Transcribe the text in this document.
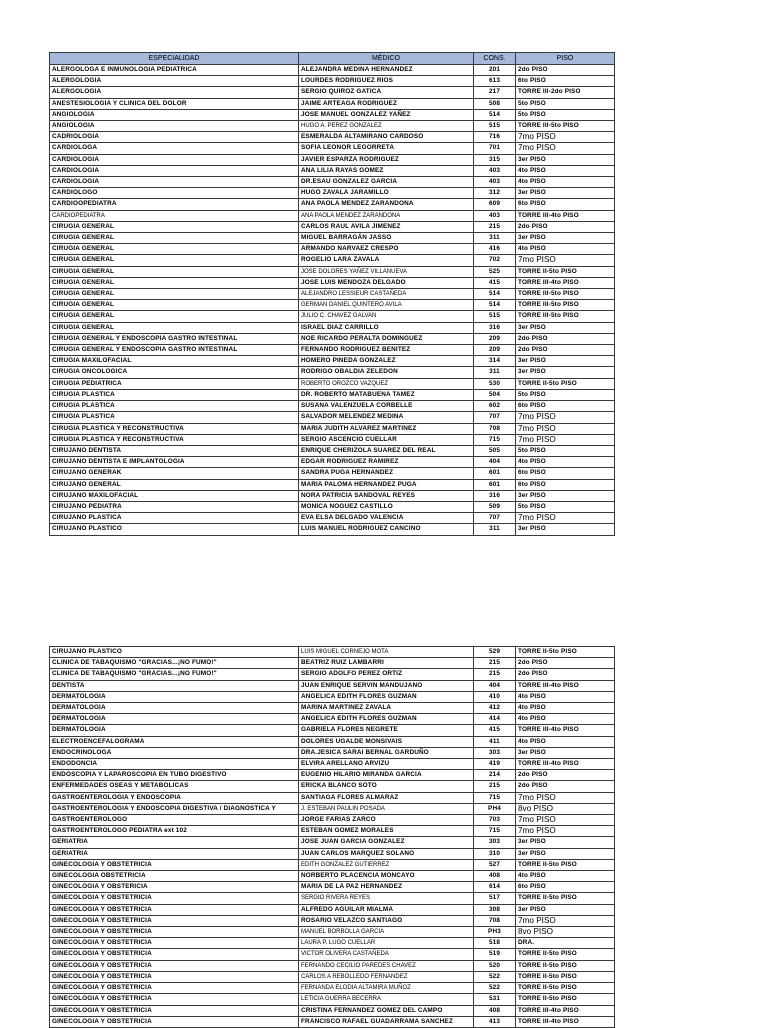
ESPECIALIDAD	MÉDICO	CONS.	PISO
ALERGOLOGA E INMUNOLOGIA PEDIATRICA	ALEJANDRA MEDINA HERNANDEZ	201	2do PISO
ALERGOLOGIA	LOURDES RODRIGUEZ RIOS	613	6to PISO
ALERGOLOGIA	SERGIO QUIROZ GATICA	217	TORRE III-2do PISO
ANESTESIOLOGIA Y CLINICA DEL DOLOR	JAIME ARTEAGA RODRIGUEZ	508	5to PISO
ANGIOLOGIA	JOSE MANUEL GONZALEZ YAÑEZ	514	5to PISO
ANGIOLOGIA	HUGO A. PEREZ GONZALEZ	515	TORRE III-5to PISO
CADRIOLOGIA	ESMERALDA ALTAMIRANO CARDOSO	716	7mo PISO
CARDIOLOGA	SOFIA LEONOR LEGORRETA	701	7mo PISO
CARDIOLOGIA	JAVIER ESPARZA RODRIGUEZ	315	3er PISO
CARDIOLOGIA	ANA LILIA RAYAS GOMEZ	403	4to PISO
CARDIOLOGIA	DR.ESAU GONZALEZ GARCIA	403	4to PISO
CARDIOLOGO	HUGO ZAVALA JARAMILLO	312	3er PISO
CARDIOOPEDIATRA	ANA PAOLA MENDEZ ZARANDONA	609	6to PISO
CARDIOPEDIATRA	ANA PAOLA MENDEZ ZARANDONA	403	TORRE III-4to PISO
CIRUGIA GENERAL	CARLOS RAUL AVILA JIMENEZ	215	2do PISO
CIRUGIA GENERAL	MIGUEL BARRAGÁN JASSO	311	3er PISO
CIRUGIA GENERAL	ARMANDO NARVAEZ CRESPO	416	4to PISO
CIRUGIA GENERAL	ROGELIO LARA ZAVALA	702	7mo PISO
CIRUGIA GENERAL	JOSE DOLORES YAÑEZ VILLANUEVA	525	TORRE II-5to PISO
CIRUGIA GENERAL	JOSE LUIS MENDOZA DELGADO	415	TORRE III-4to PISO
CIRUGIA GENERAL	ALEJANDRO LESSIEUR CASTAÑEDA	514	TORRE III-5to PISO
CIRUGIA GENERAL	GERMAN DANIEL QUINTERO AVILA	514	TORRE III-5to PISO
CIRUGIA GENERAL	JULIO C. CHAVEZ GALVAN	515	TORRE III-5to PISO
CIRUGIA GENERAL	ISRAEL DIAZ CARRILLO	316	3er PISO
CIRUGIA GENERAL Y ENDOSCOPIA GASTRO INTESTINAL	NOE RICARDO PERALTA DOMINGUEZ	209	2do PISO
CIRUGIA GENERAL Y ENDOSCOPIA GASTRO INTESTINAL	FERNANDO RODRIGUEZ BENITEZ	209	2do PISO
CIRUGIA MAXILOFACIAL	HOMERO PINEDA GONZALEZ	314	3er PISO
CIRUGIA ONCOLOGICA	RODRIGO OBALDIA ZELEDON	311	3er PISO
CIRUGIA PEDIATRICA	ROBERTO OROZCO VAZQUEZ	530	TORRE II-5to PISO
CIRUGIA PLASTICA	DR. ROBERTO MATABUENA TAMEZ	504	5to PISO
CIRUGIA PLASTICA	SUSANA VALENZUELA CORBELLE	602	6to PISO
CIRUGIA PLASTICA	SALVADOR MELENDEZ MEDINA	707	7mo PISO
CIRUGIA PLASTICA Y RECONSTRUCTIVA	MARIA JUDITH ALVAREZ MARTINEZ	708	7mo PISO
CIRUGIA PLASTICA Y RECONSTRUCTIVA	SERGIO ASCENCIO CUELLAR	715	7mo PISO
CIRUJANO DENTISTA	ENRIQUE CHERIZOLA SUAREZ DEL REAL	505	5to PISO
CIRUJANO DENTISTA E IMPLANTOLOGIA	EDGAR RODRIGUEZ RAMIREZ	404	4to PISO
CIRUJANO GENERAK	SANDRA PUGA HERNANDEZ	601	6to PISO
CIRUJANO GENERAL	MARIA PALOMA HERNANDEZ PUGA	601	6to PISO
CIRUJANO MAXILOFACIAL	NORA PATRICIA SANDOVAL REYES	316	3er PISO
CIRUJANO PEDIATRA	MONICA NOGUEZ CASTILLO	509	5to PISO
CIRUJANO PLASTICA	EVA ELSA DELGADO VALENCIA	707	7mo PISO
CIRUJANO PLASTICO	LUIS MANUEL RODRIGUEZ CANCINO	311	3er PISO
CIRUJANO PLASTICO	LUIS MIGUEL CORNEJO MOTA	529	TORRE II-5to PISO
CLINICA DE TABAQUISMO "GRACIAS...¡NO FUMO!"	BEATRIZ RUIZ LAMBARRI	215	2do PISO
CLINICA DE TABAQUISMO "GRACIAS...¡NO FUMO!"	SERGIO ADOLFO PEREZ ORTIZ	215	2do PISO
DENTISTA	JUAN ENRIQUE SERVIN MANDUJANO	404	TORRE III-4to PISO
DERMATOLOGIA	ANGELICA EDITH FLORES GUZMAN	410	4to PISO
DERMATOLOGIA	MARINA MARTINEZ ZAVALA	412	4to PISO
DERMATOLOGIA	ANGELICA EDITH FLORES GUZMAN	414	4to PISO
DERMATOLOGIA	GABRIELA FLORES NEGRETE	415	TORRE III-4to PISO
ELECTROENCEFALOGRAMA	DOLORES UGALDE MONSIVAIS	411	4to PISO
ENDOCRINOLOGA	DRA.JESICA SARAI BERNAL GARDUÑO	303	3er PISO
ENDODONCIA	ELVIRA ARELLANO ARVIZU	419	TORRE III-4to PISO
ENDOSCOPIA Y LAPAROSCOPIA EN TUBO DIGESTIVO	EUGENIO HILARIO MIRANDA GARCIA	214	2do PISO
ENFERMEDADES OSEAS Y METABOLICAS	ERICKA BLANCO SOTO	215	2do PISO
GASTROENTEROLOGIA Y ENDOSCOPIA	SANTIAGA FLORES ALMARAZ	715	7mo PISO
GASTROENTEROLOGIA Y ENDOSCOPIA DIGESTIVA / DIAGNOSTICA Y	J. ESTEBAN PAULIN POSADA	PH4	8vo PISO
GASTROENTEROLOGO	JORGE FARIAS ZARCO	703	7mo PISO
GASTROENTEROLOGO PEDIATRA ext 102	ESTEBAN GOMEZ MORALES	715	7mo PISO
GERIATRIA	JOSE JUAN GARCIA GONZALEZ	303	3er PISO
GERIATRIA	JUAN CARLOS MARQUEZ SOLANO	310	3er PISO
GINECOLOGIA Y OBSTETRICIA	EDITH GONZALEZ GUTIERREZ	527	TORRE II-5to PISO
GINECOLOGIA OBSTETRICIA	NORBERTO PLACENCIA MONCAYO	408	4to PISO
GINECOLOGIA Y OBSTERICIA	MARIA DE LA PAZ HERNANDEZ	614	6to PISO
GINECOLOGIA Y OBSTETRICIA	SERGIO RIVERA REYES	517	TORRE II-5to PISO
GINECOLOGIA Y OBSTETRICIA	ALFREDO AGUILAR MIALMA	308	3er PISO
GINECOLOGIA Y OBSTETRICIA	ROSARIO VELAZCO SANTIAGO	708	7mo PISO
GINECOLOGIA Y OBSTETRICIA	MANUEL BORBOLLA GARCIA	PH3	8vo PISO
GINECOLOGIA Y OBSTETRICIA	LAURA P. LUGO CUELLAR	518	DRA.
GINECOLOGIA Y OBSTETRICIA	VICTOR OLIVERA CASTAÑEDA	519	TORRE II-5to PISO
GINECOLOGIA Y OBSTETRICIA	FERNANDO CECILIO PAREDES CHAVEZ	520	TORRE II-5to PISO
GINECOLOGIA Y OBSTETRICIA	CARLOS A REBOLLEDO FERNANDEZ	522	TORRE II-5to PISO
GINECOLOGIA Y OBSTETRICIA	FERNANDA ELODIA ALTAMIRA MUÑOZ	522	TORRE II-5to PISO
GINECOLOGIA Y OBSTETRICIA	LETICIA GUERRA BECERRA	531	TORRE II-5to PISO
GINECOLOGIA Y OBSTETRICIA	CRISTINA FERNANDEZ GOMEZ DEL CAMPO	408	TORRE III-4to PISO
GINECOLOGIA Y OBSTETRICIA	FRANCISCO RAFAEL GUADARRAMA SANCHEZ	413	TORRE III-4to PISO
